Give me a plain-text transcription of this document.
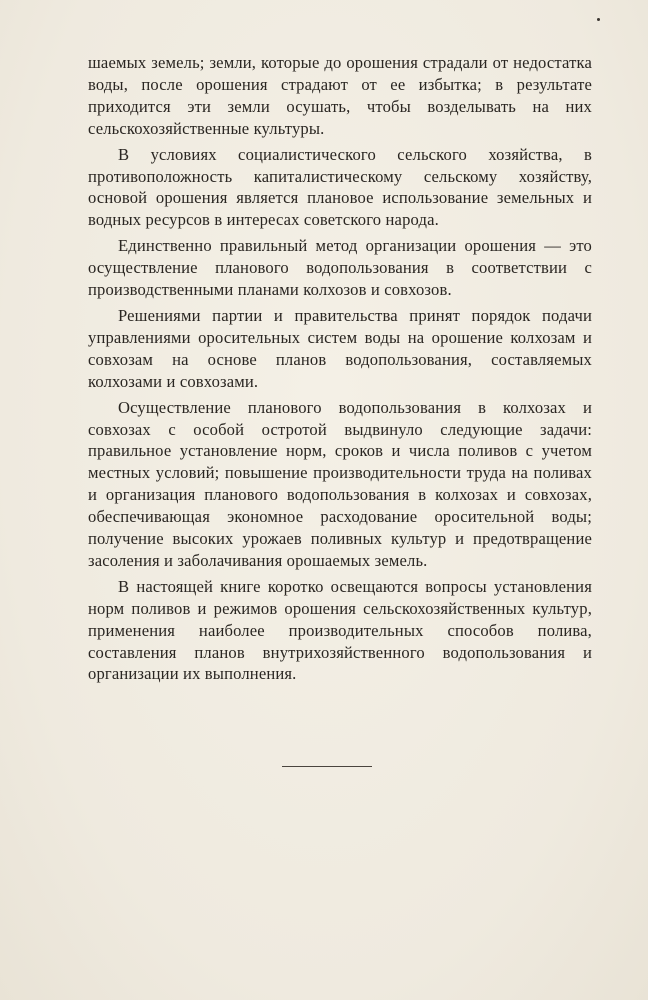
шаемых земель; земли, которые до орошения страдали от недостатка воды, после орошения страдают от ее избытка; в результате приходится эти земли осушать, чтобы возделывать на них сельскохозяйственные культуры.

В условиях социалистического сельского хозяйства, в противоположность капиталистическому сельскому хозяйству, основой орошения является плановое использование земельных и водных ресурсов в интересах советского народа.

Единственно правильный метод организации орошения — это осуществление планового водопользования в соответствии с производственными планами колхозов и совхозов.

Решениями партии и правительства принят порядок подачи управлениями оросительных систем воды на орошение колхозам и совхозам на основе планов водопользования, составляемых колхозами и совхозами.

Осуществление планового водопользования в колхозах и совхозах с особой остротой выдвинуло следующие задачи: правильное установление норм, сроков и числа поливов с учетом местных условий; повышение производительности труда на поливах и организация планового водопользования в колхозах и совхозах, обеспечивающая экономное расходование оросительной воды; получение высоких урожаев поливных культур и предотвращение засоления и заболачивания орошаемых земель.

В настоящей книге коротко освещаются вопросы установления норм поливов и режимов орошения сельскохозяйственных культур, применения наиболее производительных способов полива, составления планов внутрихозяйственного водопользования и организации их выполнения.
